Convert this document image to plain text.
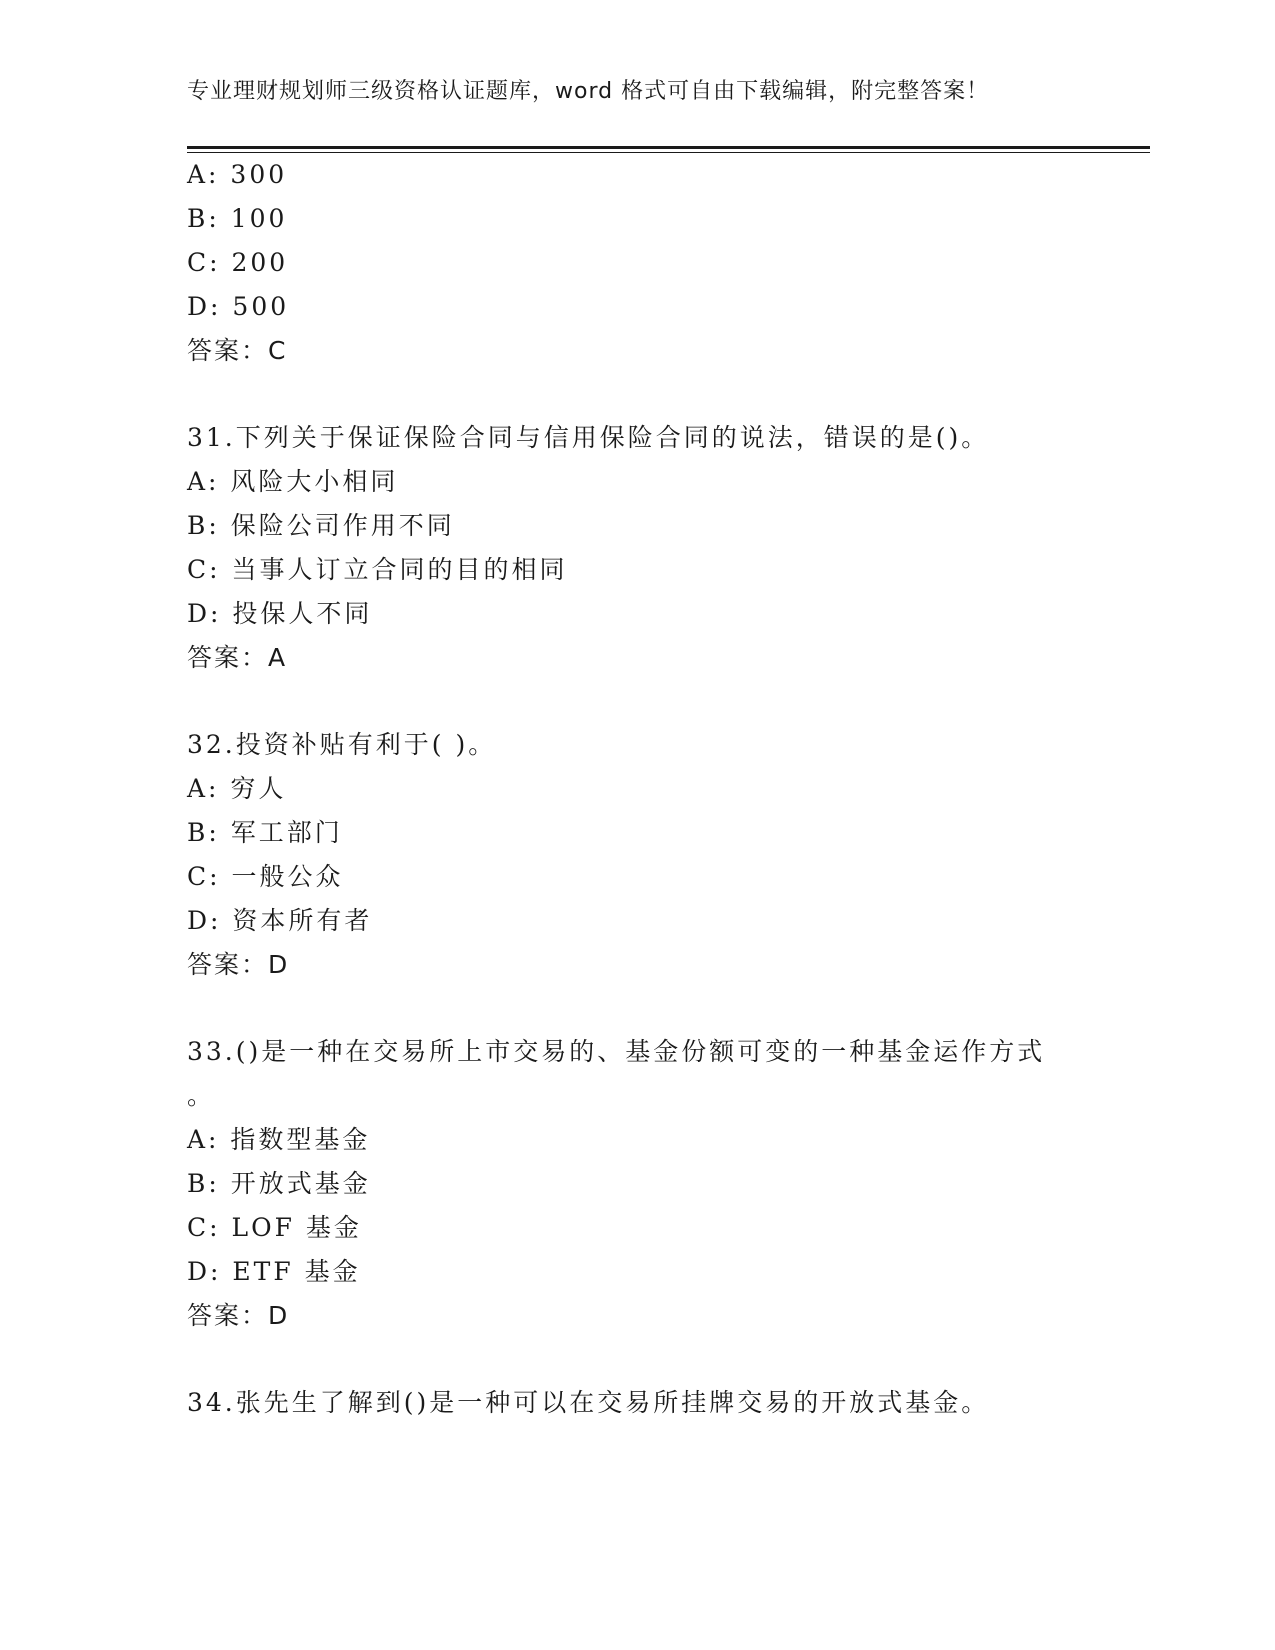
专业理财规划师三级资格认证题库，word 格式可自由下载编辑，附完整答案！
A: 300
B: 100
C: 200
D: 500
答案：C
31.下列关于保证保险合同与信用保险合同的说法，错误的是()。
A: 风险大小相同
B: 保险公司作用不同
C: 当事人订立合同的目的相同
D: 投保人不同
答案：A
32.投资补贴有利于( )。
A: 穷人
B: 军工部门
C: 一般公众
D: 资本所有者
答案：D
33.()是一种在交易所上市交易的、基金份额可变的一种基金运作方式
。
A: 指数型基金
B: 开放式基金
C: LOF 基金
D: ETF 基金
答案：D
34.张先生了解到()是一种可以在交易所挂牌交易的开放式基金。
